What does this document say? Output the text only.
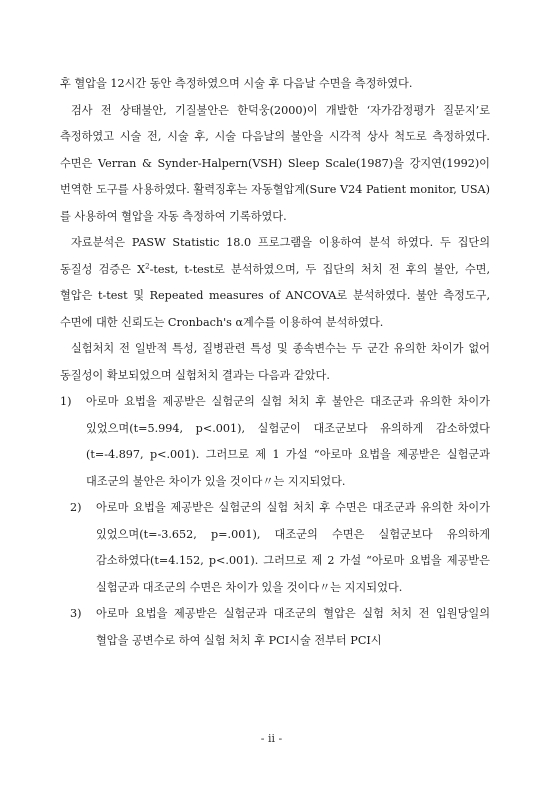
후 혈압을 12시간 동안 측정하였으며 시술 후 다음날 수면을 측정하였다.

검사 전 상태불안, 기질불안은 한덕웅(2000)이 개발한 ‘자가감정평가 질문지’로 측정하였고 시술 전, 시술 후, 시술 다음날의 불안을 시각적 상사 척도로 측정하였다. 수면은 Verran & Synder-Halpern(VSH) Sleep Scale(1987)을 강지연(1992)이 번역한 도구를 사용하였다. 활력징후는 자동혈압계(Sure V24 Patient monitor, USA)를 사용하여 혈압을 자동 측정하여 기록하였다.

자료분석은 PASW Statistic 18.0 프로그램을 이용하여 분석 하였다. 두 집단의 동질성 검증은 $X^2$-test, t-test로 분석하였으며, 두 집단의 처치 전 후의 불안, 수면, 혈압은 t-test 및 Repeated measures of ANCOVA로 분석하였다. 불안 측정도구, 수면에 대한 신뢰도는 Cronbach's α계수를 이용하여 분석하였다.

실험처치 전 일반적 특성, 질병관련 특성 및 종속변수는 두 군간 유의한 차이가 없어 동질성이 확보되었으며 실험처치 결과는 다음과 같았다.

1) 아로마 요법을 제공받은 실험군의 실험 처치 후 불안은 대조군과 유의한 차이가 있었으며(t=5.994, p<.001), 실험군이 대조군보다 유의하게 감소하였다(t=-4.897, p<.001). 그러므로 제 1 가설 “아로마 요법을 제공받은 실험군과 대조군의 불안은 차이가 있을 것이다〃는 지지되었다.

2) 아로마 요법을 제공받은 실험군의 실험 처치 후 수면은 대조군과 유의한 차이가 있었으며(t=-3.652, p=.001), 대조군의 수면은 실험군보다 유의하게 감소하였다(t=4.152, p<.001). 그러므로 제 2 가설 “아로마 요법을 제공받은 실험군과 대조군의 수면은 차이가 있을 것이다〃는 지지되었다.

3) 아로마 요법을 제공받은 실험군과 대조군의 혈압은 실험 처치 전 입원당일의 혈압을 공변수로 하여 실험 처치 후 PCI시술 전부터 PCI시

- ii -
